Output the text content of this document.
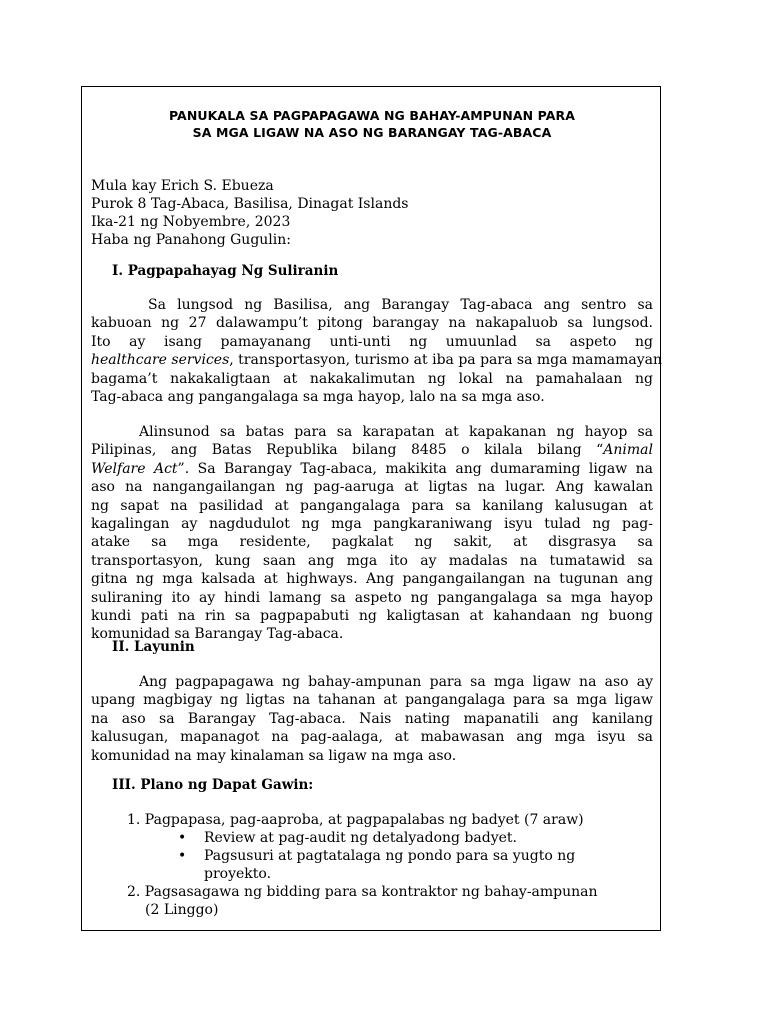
PANUKALA SA PAGPAPAGAWA NG BAHAY-AMPUNAN PARA
SA MGA LIGAW NA ASO NG BARANGAY TAG-ABACA
Mula kay Erich S. Ebueza
Purok 8 Tag-Abaca, Basilisa, Dinagat Islands
Ika-21 ng Nobyembre, 2023
Haba ng Panahong Gugulin:
I. Pagpapahayag Ng Suliranin
Sa lungsod ng Basilisa, ang Barangay Tag-abaca ang sentro sa
kabuoan ng 27 dalawampu’t pitong barangay na nakapaluob sa lungsod.
Ito ay isang pamayanang unti-unti ng umuunlad sa aspeto ng
healthcare services, transportasyon, turismo at iba pa para sa mga mamamayan
bagama’t nakakaligtaan at nakakalimutan ng lokal na pamahalaan ng
Tag-abaca ang pangangalaga sa mga hayop, lalo na sa mga aso.
Alinsunod sa batas para sa karapatan at kapakanan ng hayop sa
Pilipinas, ang Batas Republika bilang 8485 o kilala bilang “Animal
Welfare Act”. Sa Barangay Tag-abaca, makikita ang dumaraming ligaw na
aso na nangangailangan ng pag-aaruga at ligtas na lugar. Ang kawalan
ng sapat na pasilidad at pangangalaga para sa kanilang kalusugan at
kagalingan ay nagdudulot ng mga pangkaraniwang isyu tulad ng pag-
atake sa mga residente, pagkalat ng sakit, at disgrasya sa
transportasyon, kung saan ang mga ito ay madalas na tumatawid sa
gitna ng mga kalsada at highways. Ang pangangailangan na tugunan ang
suliraning ito ay hindi lamang sa aspeto ng pangangalaga sa mga hayop
kundi pati na rin sa pagpapabuti ng kaligtasan at kahandaan ng buong
komunidad sa Barangay Tag-abaca.
II. Layunin
Ang pagpapagawa ng bahay-ampunan para sa mga ligaw na aso ay
upang magbigay ng ligtas na tahanan at pangangalaga para sa mga ligaw
na aso sa Barangay Tag-abaca. Nais nating mapanatili ang kanilang
kalusugan, mapanagot na pag-aalaga, at mabawasan ang mga isyu sa
komunidad na may kinalaman sa ligaw na mga aso.
III. Plano ng Dapat Gawin:
1. Pagpapasa, pag-aaproba, at pagpapalabas ng badyet (7 araw)
• Review at pag-audit ng detalyadong badyet.
• Pagsusuri at pagtatalaga ng pondo para sa yugto ng
proyekto.
2. Pagsasagawa ng bidding para sa kontraktor ng bahay-ampunan
(2 Linggo)
